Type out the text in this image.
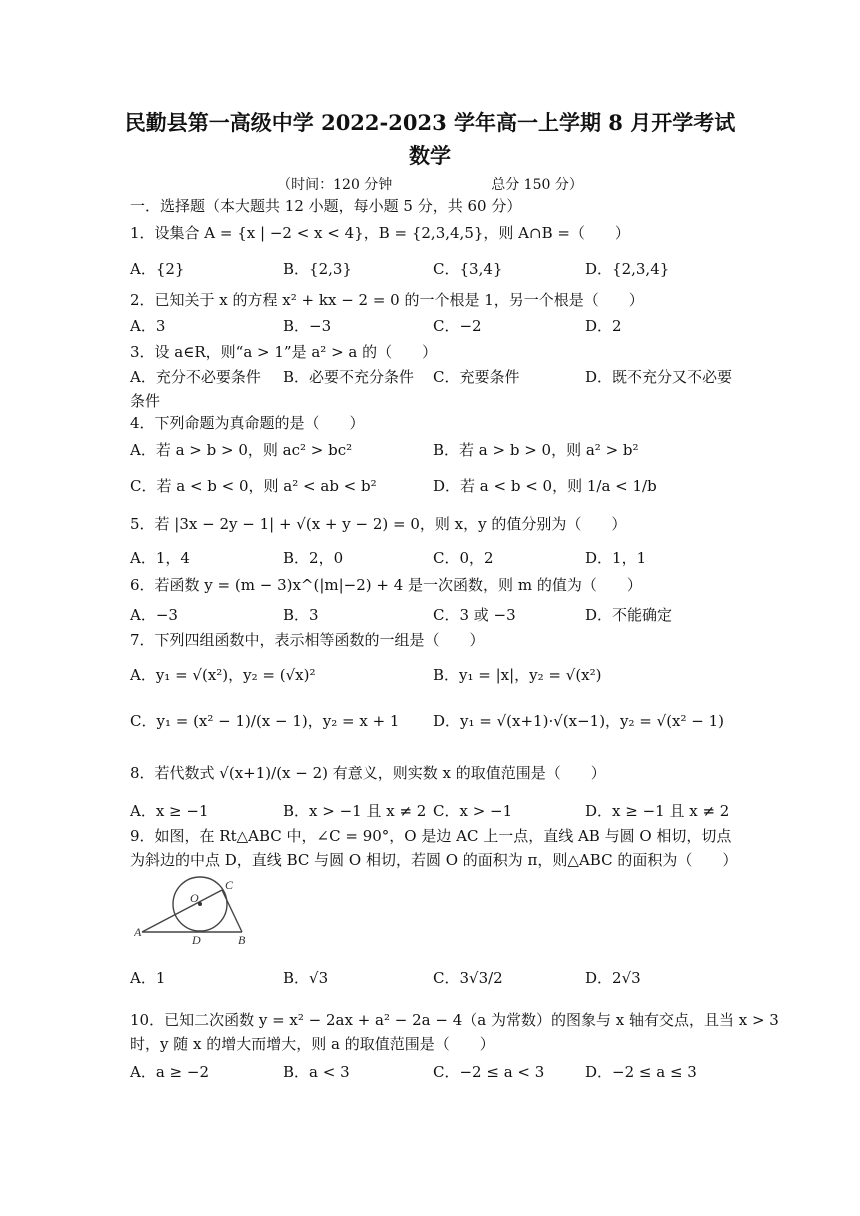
民勤县第一高级中学 2022-2023 学年高一上学期 8 月开学考试
数学
（时间：120 分钟	总分 150 分）
一．选择题（本大题共 12 小题，每小题 5 分，共 60 分）
1．设集合 A = {x | −2 < x < 4}，B = {2,3,4,5}，则 A∩B =（　　）
A．{2}	B．{2,3}	C．{3,4}	D．{2,3,4}
2．已知关于 x 的方程 x² + kx − 2 = 0 的一个根是 1，另一个根是（　　）
A．3	B．−3	C．−2	D．2
3．设 a∈R，则“a > 1”是 a² > a 的（　　）
A．充分不必要条件 B．必要不充分条件 C．充要条件	D．既不充分又不必要
条件
4．下列命题为真命题的是（　　）
A．若 a > b > 0，则 ac² > bc²	B．若 a > b > 0，则 a² > b²
C．若 a < b < 0，则 a² < ab < b²	D．若 a < b < 0，则 1/a < 1/b
5．若 |3x − 2y − 1| + √(x + y − 2) = 0，则 x，y 的值分别为（　　）
A．1，4	B．2，0	C．0，2	D．1，1
6．若函数 y = (m − 3)x^(|m|−2) + 4 是一次函数，则 m 的值为（　　）
A．−3	B．3	C．3 或 −3	D．不能确定
7．下列四组函数中，表示相等函数的一组是（　　）
A．y₁ = √(x²)，y₂ = (√x)²	B．y₁ = |x|，y₂ = √(x²)
C．y₁ = (x² − 1)/(x − 1)，y₂ = x + 1 D．y₁ = √(x+1)·√(x−1)，y₂ = √(x² − 1)
8．若代数式 √(x+1)/(x − 2) 有意义，则实数 x 的取值范围是（　　）
A．x ≥ −1	B．x > −1 且 x ≠ 2 C．x > −1	D．x ≥ −1 且 x ≠ 2
9．如图，在 Rt△ABC 中，∠C = 90°，O 是边 AC 上一点，直线 AB 与圆 O 相切，切点
为斜边的中点 D，直线 BC 与圆 O 相切，若圆 O 的面积为 π，则△ABC 的面积为（　　）
A
B
C
D
O
A．1	B．√3	C．3√3/2	D．2√3
10．已知二次函数 y = x² − 2ax + a² − 2a − 4（a 为常数）的图象与 x 轴有交点，且当 x > 3
时，y 随 x 的增大而增大，则 a 的取值范围是（　　）
A．a ≥ −2	B．a < 3	C．−2 ≤ a < 3	D．−2 ≤ a ≤ 3
